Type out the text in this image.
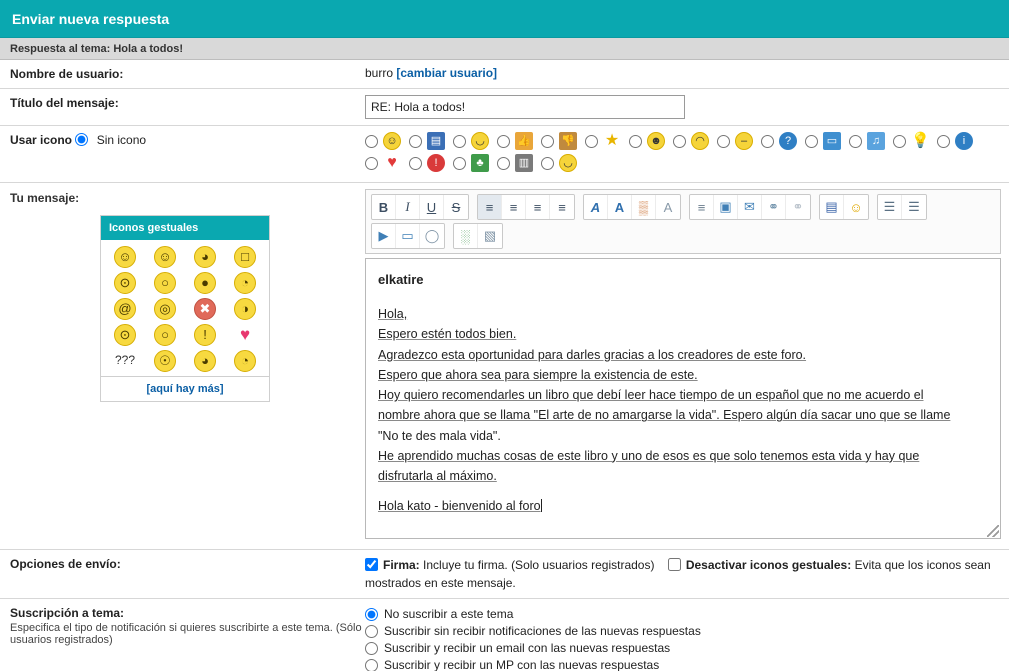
Enviar nueva respuesta
Respuesta al tema: Hola a todos!
Nombre de usuario:	burro [cambiar usuario]
Título del mensaje:
RE: Hola a todos!
Usar icono Sin icono	☺	▤	◡	👍	👎 ★	☻	◠	‒	?	▭	♫	💡	i
♥	!	♣	▥	◡
Tu mensaje:
Iconos gestuales
☺	☺	◕	□
⊙	○	●	◔
@	◎	✖	◑
⊙	○	!	♥
???	☉	◕	◔
[aquí hay más]
B	I	U	S	≡	≡	≡	≡	A	A	▒	A	≡	▣ ✉	⚭	⚭	▤ ☺	☰ ☰
▶ ▭ ◯	░	▧
elkatire

Hola,

Espero estén todos bien.

Agradezco esta oportunidad para darles gracias a los creadores de este foro.

Espero que ahora sea para siempre la existencia de este.

Hoy quiero recomendarles un libro que debí leer hace tiempo de un español que no me acuerdo el

nombre ahora que se llama "El arte de no amargarse la vida". Espero algún día sacar uno que se llame

"No te des mala vida".

He aprendido muchas cosas de este libro y uno de esos es que solo tenemos esta vida y hay que

disfrutarla al máximo.

Hola kato - bienvenido al foro
Opciones de envío:	Firma: Incluye tu firma. (Solo usuarios registrados)	Desactivar iconos gestuales: Evita que los iconos sean mostrados en este mensaje.
Suscripción a tema:
Especifica el tipo de notificación si quieres suscribirte a este tema. (Sólo usuarios registrados)
No suscribir a este tema
Suscribir sin recibir notificaciones de las nuevas respuestas
Suscribir y recibir un email con las nuevas respuestas
Suscribir y recibir un MP con las nuevas respuestas
